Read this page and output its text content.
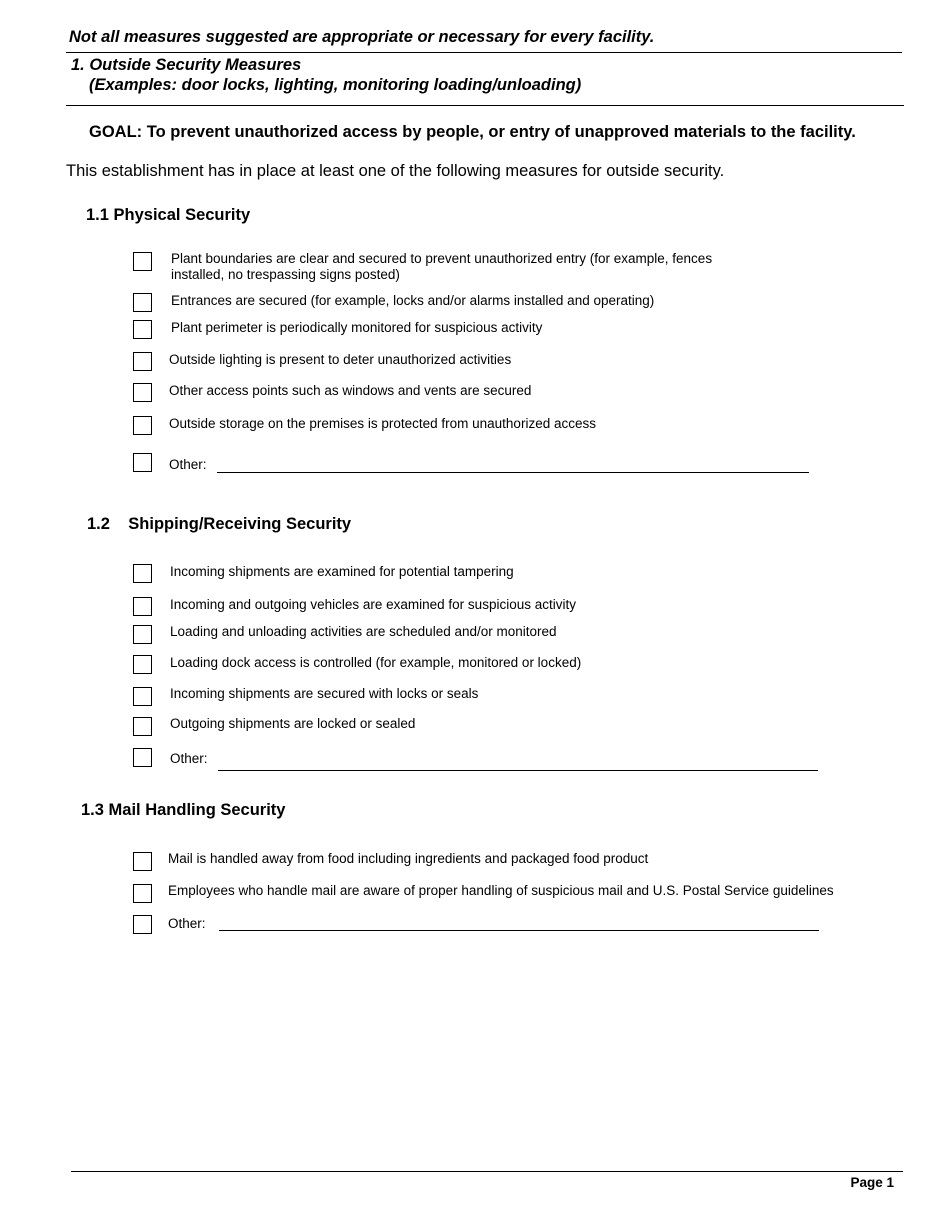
Not all measures suggested are appropriate or necessary for every facility.
1. Outside Security Measures
(Examples: door locks, lighting, monitoring loading/unloading)
GOAL: To prevent unauthorized access by people, or entry of unapproved materials to the facility.
This establishment has in place at least one of the following measures for outside security.
1.1 Physical Security
Plant boundaries are clear and secured to prevent unauthorized entry (for example, fences installed, no trespassing signs posted)
Entrances are secured (for example, locks and/or alarms installed and operating)
Plant perimeter is periodically monitored for suspicious activity
Outside lighting is present to deter unauthorized activities
Other access points such as windows and vents are secured
Outside storage on the premises is protected from unauthorized access
Other:
1.2    Shipping/Receiving Security
Incoming shipments are examined for potential tampering
Incoming and outgoing vehicles are examined for suspicious activity
Loading and unloading activities are scheduled and/or monitored
Loading dock access is controlled (for example, monitored or locked)
Incoming shipments are secured with locks or seals
Outgoing shipments are locked or sealed
Other:
1.3 Mail Handling Security
Mail is handled away from food including ingredients and packaged food product
Employees who handle mail are aware of proper handling of suspicious mail and U.S. Postal Service guidelines
Other:
Page 1
